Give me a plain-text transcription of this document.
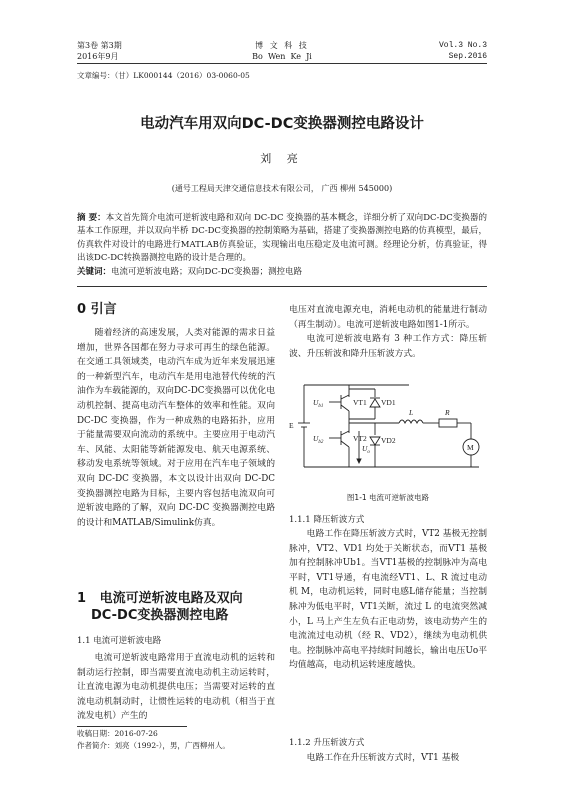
第3卷 第3期
2016年9月
博 文 科 技
Bo  Wen  Ke  Ji
Vol.3 No.3
Sep.2016
文章编号：（甘）LK000144（2016）03-0060-05
电动汽车用双向DC-DC变换器测控电路设计
刘 亮
(通号工程局天津交通信息技术有限公司， 广西 柳州 545000)
摘 要：本文首先简介电流可逆斩波电路和双向 DC-DC 变换器的基本概念，详细分析了双向DC-DC变换器的基本工作原理，并以双向半桥 DC-DC变换器的控制策略为基础，搭建了变换器测控电路的仿真模型，最后，仿真软件对设计的电路进行MATLAB仿真验证，实现输出电压稳定及电流可测。经理论分析，仿真验证，得出该DC-DC转换器测控电路的设计是合理的。
关键词：电流可逆斩波电路；双向DC-DC变换器；测控电路
0 引言

随着经济的高速发展，人类对能源的需求日益增加，世界各国都在努力寻求可再生的绿色能源。在交通工具领域类，电动汽车成为近年来发展迅速的一种新型汽车，电动汽车是用电池替代传统的汽油作为车载能源的，双向DC-DC变换器可以优化电动机控制、提高电动汽车整体的效率和性能。双向DC-DC 变换器，作为一种成熟的电路拓扑，应用于能量需要双向流动的系统中。主要应用于电动汽车、风能、太阳能等新能源发电、航天电源系统、移动发电系统等领域。对于应用在汽车电子领域的双向 DC-DC 变换器，本文以设计出双向 DC-DC 变换器测控电路为目标，主要内容包括电流双向可逆斩波电路的了解，双向 DC-DC 变换器测控电路的设计和MATLAB/Simulink仿真。

1   电流可逆斩波电路及双向
DC-DC变换器测控电路
1.1 电流可逆斩波电路

电流可逆斩波电路常用于直流电动机的运转和制动运行控制，即当需要直流电动机主动运转时，让直流电源为电动机提供电压；当需要对运转的直流电动机制动时，让惯性运转的电动机（相当于直流发电机）产生的

收稿日期：2016-07-26
作者简介：刘亮（1992-），男，广西柳州人。

电压对直流电源充电，消耗电动机的能量进行制动（再生制动）。电流可逆斩波电路如图1-1所示。

电流可逆斩波电路有 3 种工作方式：降压斩波、升压斩波和降升压斩波方式。

E
$U_{b1}$
$U_{b2}$
VT1
VT2
VD1
VD2
L	R
M
$U_o$
图1-1 电流可逆斩波电路
1.1.1 降压斩波方式

电路工作在降压斩波方式时，VT2 基极无控制脉冲，VT2、VD1 均处于关断状态，而VT1 基极加有控制脉冲Ub1。当VT1基极的控制脉冲为高电平时，VT1导通，有电流经VT1、L、R 流过电动机 M，电动机运转，同时电感L储存能量；当控制脉冲为低电平时，VT1关断，流过 L 的电流突然减小，L 马上产生左负右正电动势，该电动势产生的电流流过电动机（经 R、VD2），继续为电动机供电。控制脉冲高电平持续时间越长，输出电压Uo平均值越高，电动机运转速度越快。

1.1.2 升压斩波方式

电路工作在升压斩波方式时，VT1 基极
